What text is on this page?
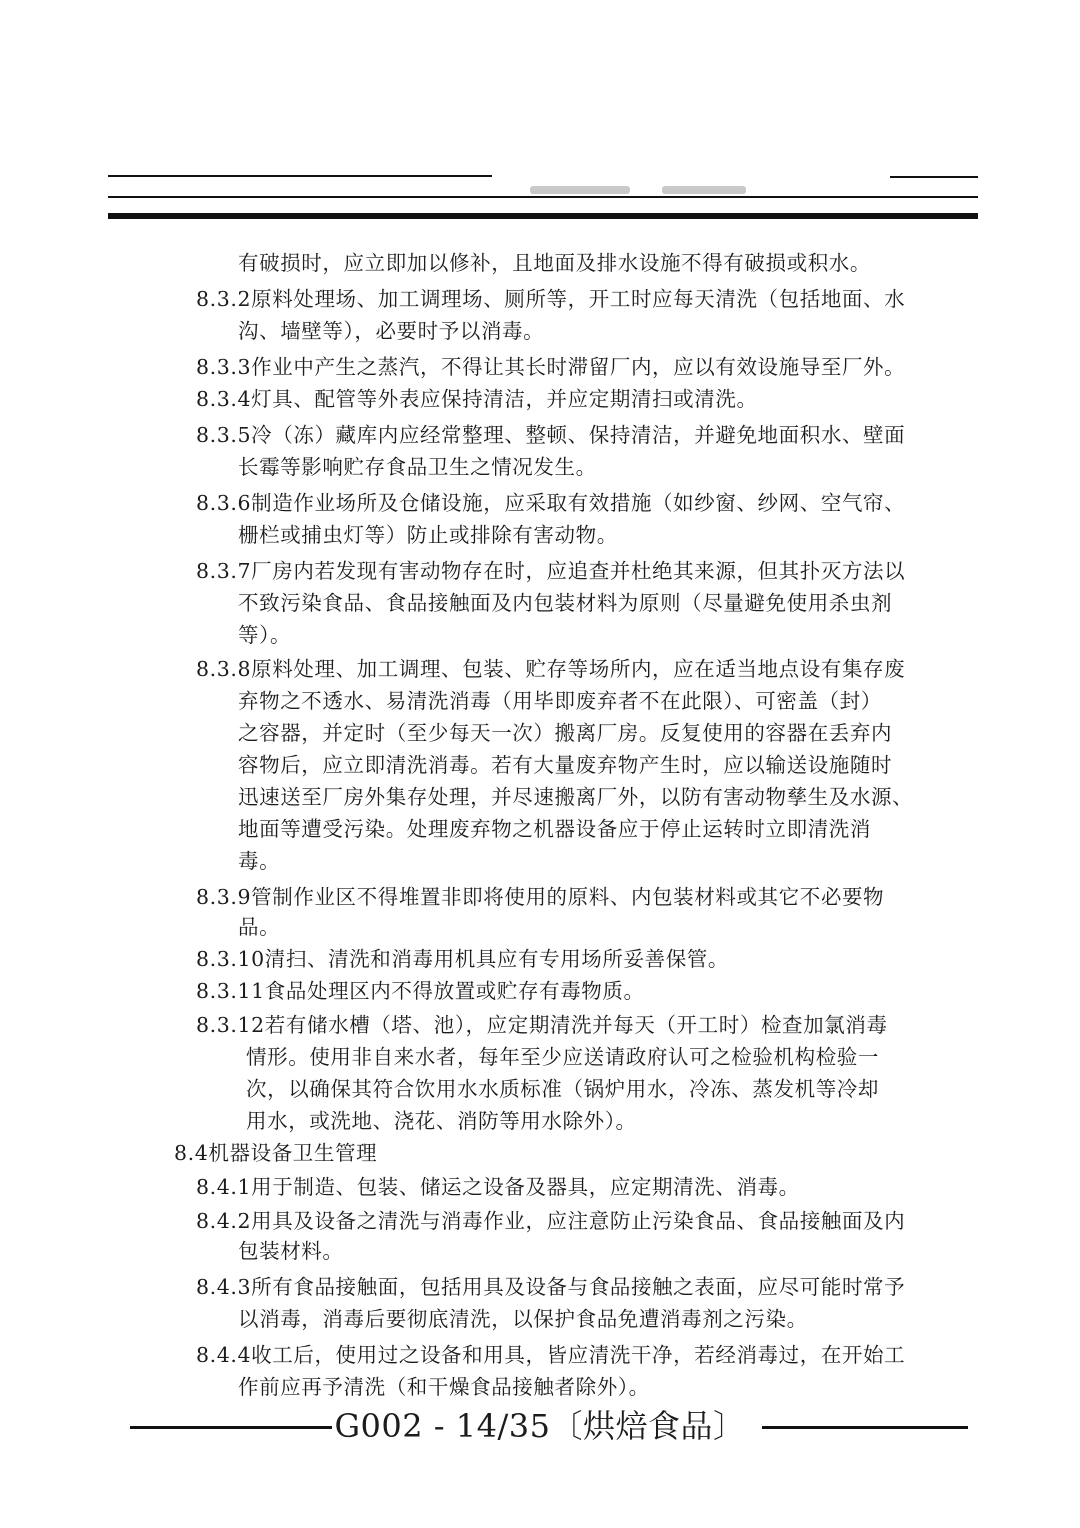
有破损时，应立即加以修补，且地面及排水设施不得有破损或积水。
8.3.2原料处理场、加工调理场、厕所等，开工时应每天清洗（包括地面、水
沟、墙壁等），必要时予以消毒。
8.3.3作业中产生之蒸汽，不得让其长时滞留厂内，应以有效设施导至厂外。
8.3.4灯具、配管等外表应保持清洁，并应定期清扫或清洗。
8.3.5冷（冻）藏库内应经常整理、整顿、保持清洁，并避免地面积水、壁面
长霉等影响贮存食品卫生之情况发生。
8.3.6制造作业场所及仓储设施，应采取有效措施（如纱窗、纱网、空气帘、
栅栏或捕虫灯等）防止或排除有害动物。
8.3.7厂房内若发现有害动物存在时，应追查并杜绝其来源，但其扑灭方法以
不致污染食品、食品接触面及内包装材料为原则（尽量避免使用杀虫剂
等）。
8.3.8原料处理、加工调理、包装、贮存等场所内，应在适当地点设有集存废
弃物之不透水、易清洗消毒（用毕即废弃者不在此限）、可密盖（封）
之容器，并定时（至少每天一次）搬离厂房。反复使用的容器在丢弃内
容物后，应立即清洗消毒。若有大量废弃物产生时，应以输送设施随时
迅速送至厂房外集存处理，并尽速搬离厂外，以防有害动物孳生及水源、
地面等遭受污染。处理废弃物之机器设备应于停止运转时立即清洗消
毒。
8.3.9管制作业区不得堆置非即将使用的原料、内包装材料或其它不必要物
品。
8.3.10清扫、清洗和消毒用机具应有专用场所妥善保管。
8.3.11食品处理区内不得放置或贮存有毒物质。
8.3.12若有储水槽（塔、池），应定期清洗并每天（开工时）检查加氯消毒
情形。使用非自来水者，每年至少应送请政府认可之检验机构检验一
次，以确保其符合饮用水水质标准（锅炉用水，冷冻、蒸发机等冷却
用水，或洗地、浇花、消防等用水除外）。
8.4机器设备卫生管理
8.4.1用于制造、包装、储运之设备及器具，应定期清洗、消毒。
8.4.2用具及设备之清洗与消毒作业，应注意防止污染食品、食品接触面及内
包装材料。
8.4.3所有食品接触面，包括用具及设备与食品接触之表面，应尽可能时常予
以消毒，消毒后要彻底清洗，以保护食品免遭消毒剂之污染。
8.4.4收工后，使用过之设备和用具，皆应清洗干净，若经消毒过，在开始工
作前应再予清洗（和干燥食品接触者除外）。
G002 - 14/35〔烘焙食品〕
